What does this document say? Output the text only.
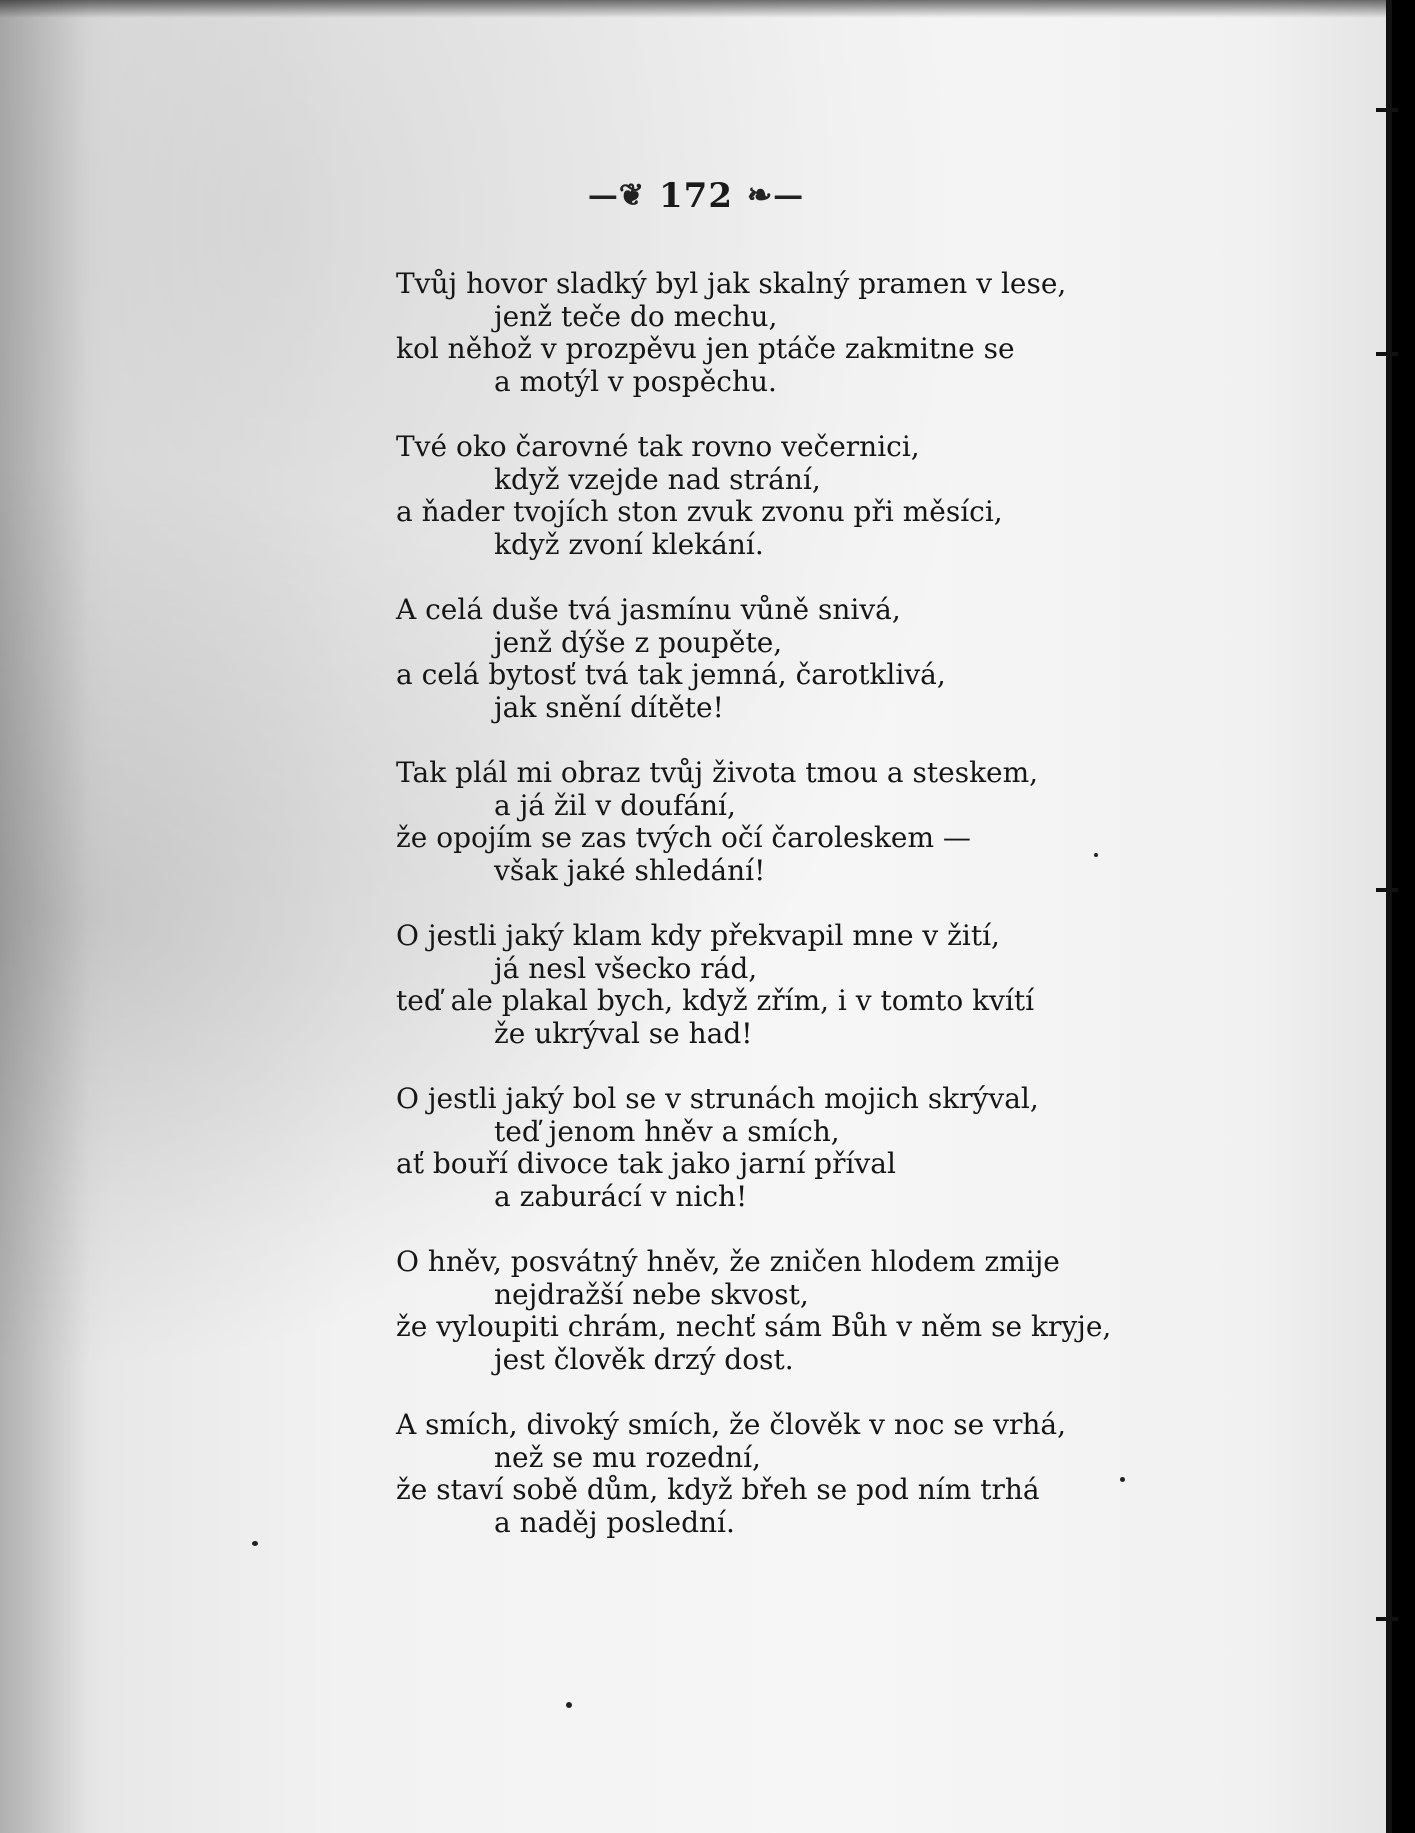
—❦ 172 ❧—
Tvůj hovor sladký byl jak skalný pramen v lese,
jenž teče do mechu,
kol něhož v prozpěvu jen ptáče zakmitne se
a motýl v pospěchu.
Tvé oko čarovné tak rovno večernici,
když vzejde nad strání,
a ňader tvojích ston zvuk zvonu při měsíci,
když zvoní klekání.
A celá duše tvá jasmínu vůně snivá,
jenž dýše z poupěte,
a celá bytosť tvá tak jemná, čarotklivá,
jak snění dítěte!
Tak plál mi obraz tvůj života tmou a steskem,
a já žil v doufání,
že opojím se zas tvých očí čaroleskem —
však jaké shledání!
O jestli jaký klam kdy překvapil mne v žití,
já nesl všecko rád,
teď ale plakal bych, když zřím, i v tomto kvítí
že ukrýval se had!
O jestli jaký bol se v strunách mojich skrýval,
teď jenom hněv a smích,
ať bouří divoce tak jako jarní příval
a zaburácí v nich!
O hněv, posvátný hněv, že zničen hlodem zmije
nejdražší nebe skvost,
že vyloupiti chrám, nechť sám Bůh v něm se kryje,
jest člověk drzý dost.
A smích, divoký smích, že člověk v noc se vrhá,
než se mu rozední,
že staví sobě dům, když břeh se pod ním trhá
a naděj poslední.
